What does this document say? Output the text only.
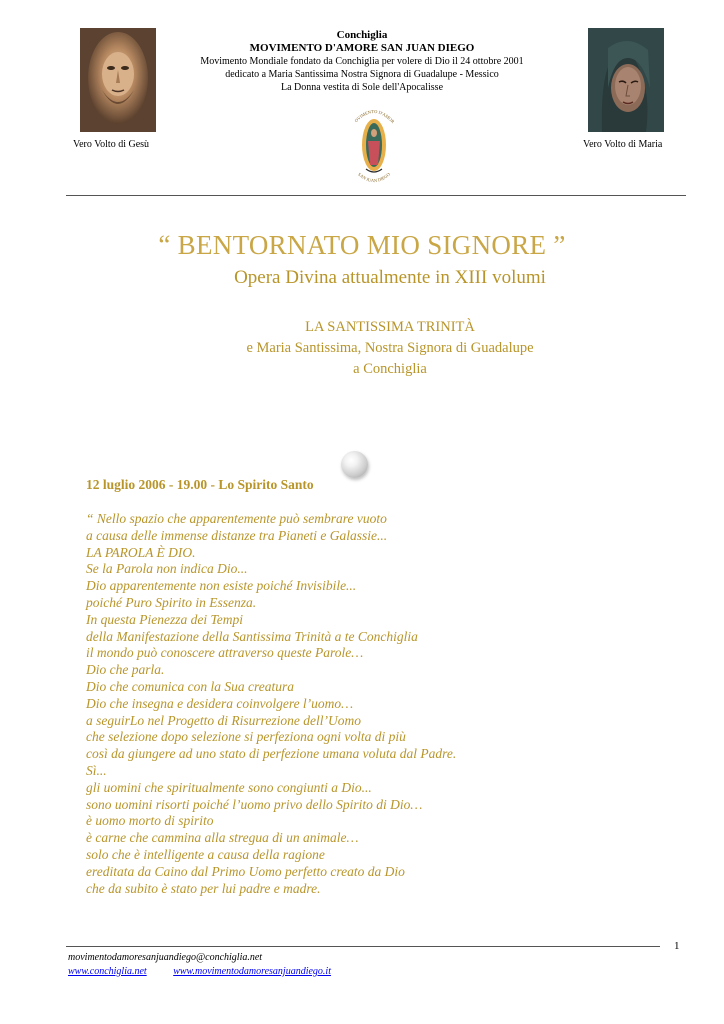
Vero Volto di Gesù	Vero Volto di Maria
Conchiglia
MOVIMENTO D'AMORE SAN JUAN DIEGO
Movimento Mondiale fondato da Conchiglia per volere di Dio il 24 ottobre 2001
dedicato a Maria Santissima Nostra Signora di Guadalupe - Messico
La Donna vestita di Sole dell'Apocalisse
OVIMENTO D'AMOR
SAN JUAN DIEGO
“ BENTORNATO MIO SIGNORE ”
Opera Divina attualmente in XIII volumi
LA SANTISSIMA TRINITÀ
e Maria Santissima, Nostra Signora di Guadalupe
a Conchiglia
12 luglio 2006 - 19.00 - Lo Spirito Santo
“ Nello spazio che apparentemente può sembrare vuoto
a causa delle immense distanze tra Pianeti e Galassie...
LA PAROLA È DIO.
Se la Parola non indica Dio...
Dio apparentemente non esiste poiché Invisibile...
poiché Puro Spirito in Essenza.
In questa Pienezza dei Tempi
della Manifestazione della Santissima Trinità a te Conchiglia
il mondo può conoscere attraverso queste Parole…
Dio che parla.
Dio che comunica con la Sua creatura
Dio che insegna e desidera coinvolgere l’uomo…
a seguirLo nel Progetto di Risurrezione dell’Uomo
che selezione dopo selezione si perfeziona ogni volta di più
così da giungere ad uno stato di perfezione umana voluta dal Padre.
Sì...
gli uomini che spiritualmente sono congiunti a Dio...
sono uomini risorti poiché l’uomo privo dello Spirito di Dio…
è uomo morto di spirito
è carne che cammina alla stregua di un animale…
solo che è intelligente a causa della ragione
ereditata da Caino dal Primo Uomo perfetto creato da Dio
che da subito è stato per lui padre e madre.
1
movimentodamoresanjuandiego@conchiglia.net
www.conchiglia.net	www.movimentodamoresanjuandiego.it
